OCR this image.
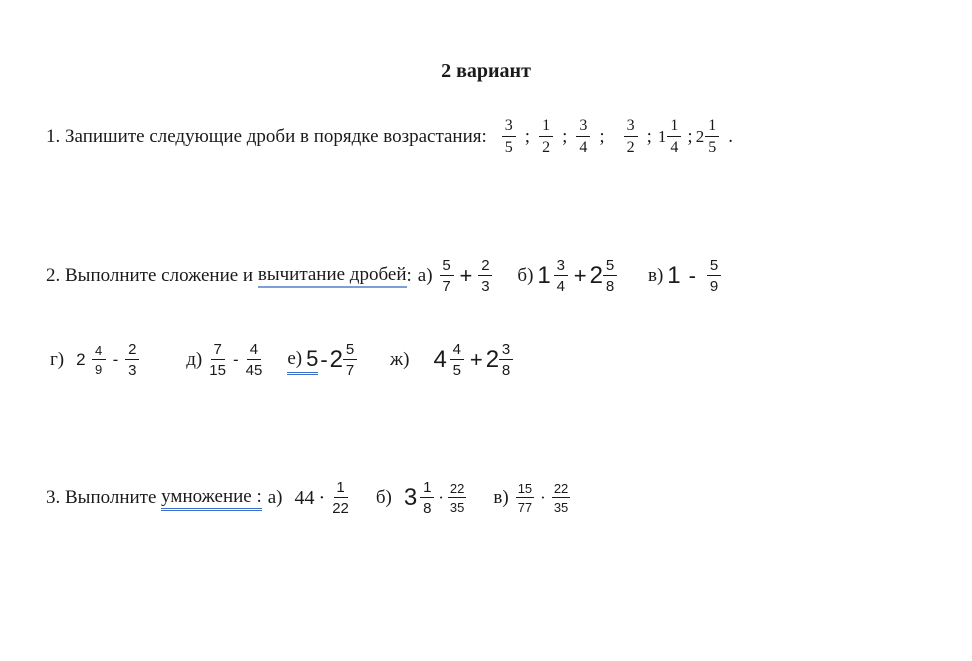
2 вариант
1. Запишите следующие дроби в порядке возрастания: $\frac{3}{5}$ ; $\frac{1}{2}$ ; $\frac{3}{4}$ ; $\frac{3}{2}$ ; $1 \frac{1}{4}$ ; $2 \frac{1}{5}$ .
2. Выполните сложение и
вычитание дробей : $а) \frac{5}{7} + \frac{2}{3} б$) $1 \frac{3}{4} + 2 \frac{5}{8} в$) $1 - \frac{5}{9}$
г) $2 \frac{4}{9} - \frac{2}{3} д) \frac{7}{15} - \frac{4}{45} е$) $5 - 2 \frac{5}{7} ж$) $4 \frac{4}{5} + 2 \frac{3}{8}$
3. Выполните
умножение : а) $44 \cdot \frac{1}{22} б$) $3 \frac{1}{8} \cdot \frac{22}{35} в) \frac{15}{77} \cdot \frac{22}{35}$
